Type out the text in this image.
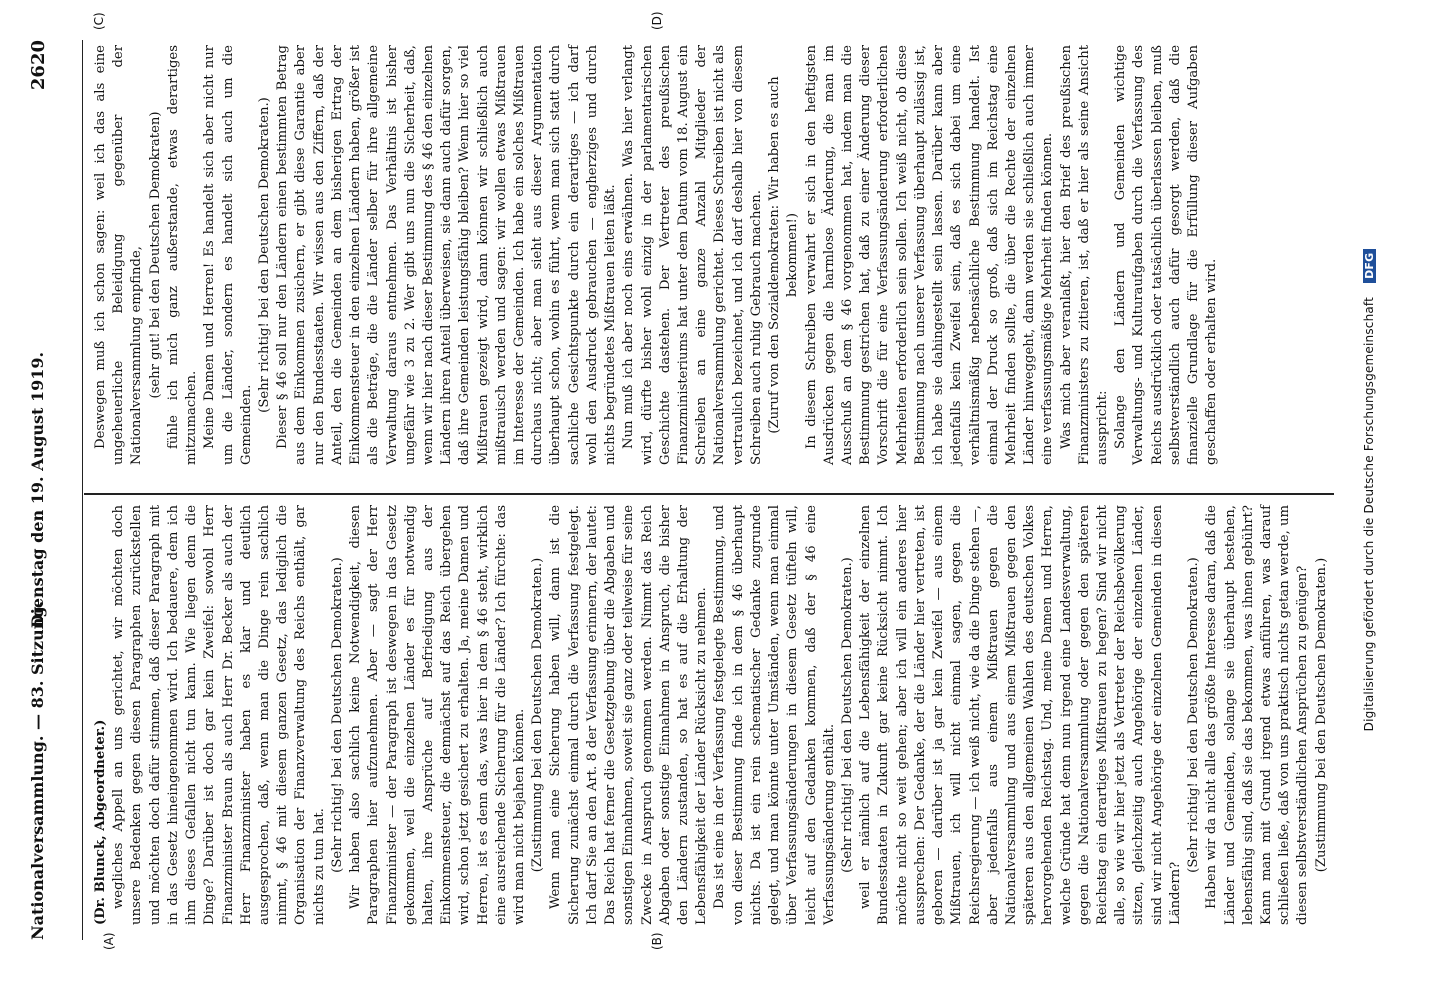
Nationalversammlung. — 83. Sitzung.
Dienstag den 19. August 1919.
2620
(A)	(B)
(C)	(D)

(Dr. Blunck, Abgeordneter.) wegliches Appell an uns gerichtet, wir möchten doch unsere Bedenken gegen diesen Paragraphen zurückstellen und möchten doch dafür stimmen, daß dieser Paragraph mit in das Gesetz hineingenommen wird. Ich bedauere, dem ich ihm dieses Gefallen nicht tun kann. Wie liegen denn die Dinge? Darüber ist doch gar kein Zweifel: sowohl Herr Finanzminister Braun als auch Herr Dr. Becker als auch der Herr Finanzminister haben es klar und deutlich ausgesprochen, daß, wenn man die Dinge rein sachlich nimmt, § 46 mit diesem ganzen Gesetz, das lediglich die Organisation der Finanzverwaltung des Reichs enthält, gar nichts zu tun hat. (Sehr richtig! bei den Deutschen Demokraten.) Wir haben also sachlich keine Notwendigkeit, diesen Paragraphen hier aufzunehmen. Aber — sagt der Herr Finanzminister — der Paragraph ist deswegen in das Gesetz gekommen, weil die einzelnen Länder es für notwendig halten, ihre Ansprüche auf Befriedigung aus der Einkommensteuer, die demnächst auf das Reich übergehen wird, schon jetzt gesichert zu erhalten. Ja, meine Damen und Herren, ist es denn das, was hier in dem § 46 steht, wirklich eine ausreichende Sicherung für die Länder? Ich fürchte: das wird man nicht bejahen können. (Zustimmung bei den Deutschen Demokraten.) Wenn man eine Sicherung haben will, dann ist die Sicherung zunächst einmal durch die Verfassung festgelegt. Ich darf Sie an den Art. 8 der Verfassung erinnern, der lautet: Das Reich hat ferner die Gesetzgebung über die Abgaben und sonstigen Einnahmen, soweit sie ganz oder teilweise für seine Zwecke in Anspruch genommen werden. Nimmt das Reich Abgaben oder sonstige Einnahmen in Anspruch, die bisher den Ländern zustanden, so hat es auf die Erhaltung der Lebensfähigkeit der Länder Rücksicht zu nehmen. Das ist eine in der Verfassung festgelegte Bestimmung, und von dieser Bestimmung finde ich in dem § 46 überhaupt nichts. Da ist ein rein schematischer Gedanke zugrunde gelegt, und man könnte unter Umständen, wenn man einmal über Verfassungsänderungen in diesem Gesetz tüfteln will, leicht auf den Gedanken kommen, daß der § 46 eine Verfassungsänderung enthält. (Sehr richtig! bei den Deutschen Demokraten.) weil er nämlich auf die Lebensfähigkeit der einzelnen Bundesstaaten in Zukunft gar keine Rücksicht nimmt. Ich möchte nicht so weit gehen; aber ich will ein anderes hier aussprechen: Der Gedanke, der die Länder hier vertreten, ist geboren — darüber ist ja gar kein Zweifel — aus einem Mißtrauen, ich will nicht einmal sagen, gegen die Reichsregierung — ich weiß nicht, wie da die Dinge stehen —, aber jedenfalls aus einem Mißtrauen gegen die Nationalversammlung und aus einem Mißtrauen gegen den späteren aus den allgemeinen Wahlen des deutschen Volkes hervorgehenden Reichstag. Und, meine Damen und Herren, welche Gründe hat denn nun irgend eine Landesverwaltung, gegen die Nationalversammlung oder gegen den späteren Reichstag ein derartiges Mißtrauen zu hegen? Sind wir nicht alle, so wie wir hier jetzt als Vertreter der Reichsbevölkerung sitzen, gleichzeitig auch Angehörige der einzelnen Länder, sind wir nicht Angehörige der einzelnen Gemeinden in diesen Ländern?

(Sehr richtig! bei den Deutschen Demokraten.) Haben wir da nicht alle das größte Interesse daran, daß die Länder und Gemeinden, solange sie überhaupt bestehen, lebensfähig sind, daß sie das bekommen, was ihnen gebührt? Kann man mit Grund irgend etwas anführen, was darauf schließen ließe, daß von uns praktisch nichts getan werde, um diesen selbstverständlichen Ansprüchen zu genügen? (Zustimmung bei den Deutschen Demokraten.)

Deswegen muß ich schon sagen: weil ich das als eine ungeheuerliche Beleidigung gegenüber der Nationalversammlung empfinde, (sehr gut! bei den Deutschen Demokraten) fühle ich mich ganz außerstande, etwas derartiges mitzumachen. Meine Damen und Herren! Es handelt sich aber nicht nur um die Länder, sondern es handelt sich auch um die Gemeinden.

(Sehr richtig! bei den Deutschen Demokraten.) Dieser § 46 soll nur den Ländern einen bestimmten Betrag aus dem Einkommen zusichern, er gibt diese Garantie aber nur den Bundesstaaten. Wir wissen aus den Ziffern, daß der Anteil, den die Gemeinden an dem bisherigen Ertrag der Einkommensteuer in den einzelnen Ländern haben, größer ist als die Beträge, die die Länder selber für ihre allgemeine Verwaltung daraus entnehmen. Das Verhältnis ist bisher ungefähr wie 3 zu 2. Wer gibt uns nun die Sicherheit, daß, wenn wir hier nach dieser Bestimmung des § 46 den einzelnen Ländern ihren Anteil überweisen, sie dann auch dafür sorgen, daß ihre Gemeinden leistungsfähig bleiben? Wenn hier so viel Mißtrauen gezeigt wird, dann können wir schließlich auch mißtrauisch werden und sagen: wir wollen etwas Mißtrauen im Interesse der Gemeinden. Ich habe ein solches Mißtrauen durchaus nicht; aber man sieht aus dieser Argumentation überhaupt schon, wohin es führt, wenn man sich statt durch sachliche Gesichtspunkte durch ein derartiges — ich darf wohl den Ausdruck gebrauchen — engherziges und durch nichts begründetes Mißtrauen leiten läßt. Nun muß ich aber noch eins erwähnen. Was hier verlangt wird, dürfte bisher wohl einzig in der parlamentarischen Geschichte dastehen. Der Vertreter des preußischen Finanzministeriums hat unter dem Datum vom 18. August ein Schreiben an eine ganze Anzahl Mitglieder der Nationalversammlung gerichtet. Dieses Schreiben ist nicht als vertraulich bezeichnet, und ich darf deshalb hier von diesem Schreiben auch ruhig Gebrauch machen. (Zuruf von den Sozialdemokraten: Wir haben es auch bekommen!) In diesem Schreiben verwahrt er sich in den heftigsten Ausdrücken gegen die harmlose Änderung, die man im Ausschuß an dem § 46 vorgenommen hat, indem man die Bestimmung gestrichen hat, daß zu einer Änderung dieser Vorschrift die für eine Verfassungsänderung erforderlichen Mehrheiten erforderlich sein sollen. Ich weiß nicht, ob diese Bestimmung nach unserer Verfassung überhaupt zulässig ist, ich habe sie dahingestellt sein lassen. Darüber kann aber jedenfalls kein Zweifel sein, daß es sich dabei um eine verhältnismäßig nebensächliche Bestimmung handelt. Ist einmal der Druck so groß, daß sich im Reichstag eine Mehrheit finden sollte, die über die Rechte der einzelnen Länder hinweggeht, dann werden sie schließlich auch immer eine verfassungsmäßige Mehrheit finden können. Was mich aber veranlaßt, hier den Brief des preußischen Finanzministers zu zitieren, ist, daß er hier als seine Ansicht ausspricht: Solange den Ländern und Gemeinden wichtige Verwaltungs- und Kulturaufgaben durch die Verfassung des Reichs ausdrücklich oder tatsächlich überlassen bleiben, muß selbstverständlich auch dafür gesorgt werden, daß die finanzielle Grundlage für die Erfüllung dieser Aufgaben geschaffen oder erhalten wird.	Digitalisierung gefördert durch die Deutsche Forschungsgemeinschaft DFG
